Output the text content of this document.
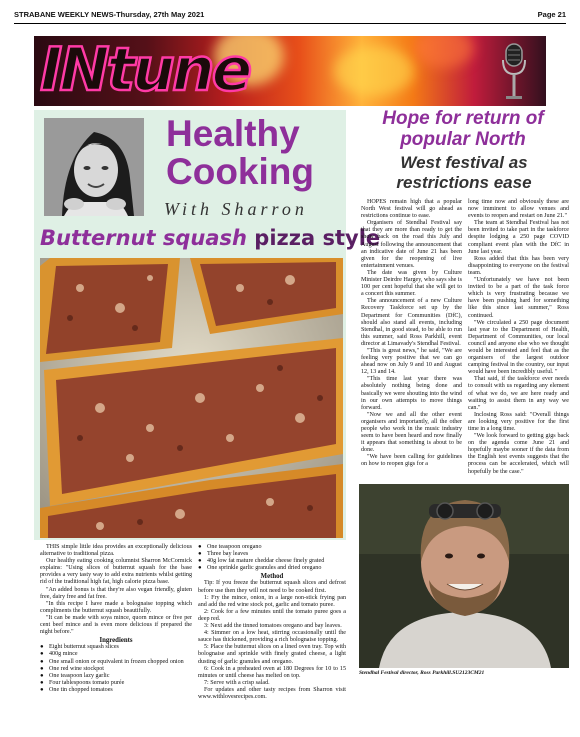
STRABANE WEEKLY NEWS-Thursday, 27th May 2021	Page 21
INtune
Healthy
Cooking
With Sharron
Butternut squash pizza style

THIS simple little idea provides an exceptionally delicious alternative to traditional pizza.

Our healthy eating cooking columnist Sharron McCormick explains: "Using slices of butternut squash for the base provides a very tasty way to add extra nutrients whilst getting rid of the traditional high fat, high calorie pizza base.

"An added bonus is that they're also vegan friendly, gluten free, dairy free and fat free.

"In this recipe I have made a bolognaise topping which compliments the butternut squash beautifully.

"It can be made with soya mince, quorn mince or five per cent beef mince and is even more delicious if prepared the night before."

Ingredients

● Eight butternut squash slices
● 400g mince
● One small onion or equivalent in frozen chopped onion
● One red wine stockpot
● One teaspoon lazy garlic
● Four tablespoons tomato purée
● One tin chopped tomatoes
● One teaspoon oregano
● Three bay leaves
● 40g low fat mature cheddar cheese finely grated
● One sprinkle garlic granules and dried oregano

Method

Tip: If you freeze the butternut squash slices and defrost before use then they will not need to be cooked first.

1: Fry the mince, onion, in a large non-stick frying pan and add the red wine stock pot, garlic and tomato puree.

2: Cook for a few minutes until the tomato puree goes a deep red.

3: Next add the tinned tomatoes oregano and bay leaves.

4: Simmer on a low heat, stirring occasionally until the sauce has thickened, providing a rich bolognaise topping.

5: Place the butternut slices on a lined oven tray. Top with bolognaise and sprinkle with finely grated cheese, a light dusting of garlic granules and oregano.

6: Cook in a preheated oven at 180 Degrees for 10 to 15 minutes or until cheese has melted on top.

7: Serve with a crisp salad.

For updates and other tasty recipes from Sharron visit www.withlovesrecipes.com.

Hope for return of popular North
West festival as restrictions ease

HOPES remain high that a popular North West festival will go ahead as restrictions continue to ease.

Organisers of Stendhal Festival say that they are more than ready to get the show back on the road this July and August following the announcement that an indicative date of June 21 has been given for the reopening of live entertainment venues.

The date was given by Culture Minister Deirdre Hargey, who says she is 100 per cent hopeful that she will get to a concert this summer.

The announcement of a new Culture Recovery Taskforce set up by the Department for Communities (DfC), should also stand all events, including Stendhal, in good stead, to be able to run this summer, said Ross Parkhill, event director at Limavady's Stendhal Festival.

"This is great news," he said, "We are feeling very positive that we can go ahead now on July 9 and 10 and August 12, 13 and 14.

"This time last year there was absolutely nothing being done and basically we were shouting into the wind in our own attempts to move things forward.

"Now we and all the other event organisers and importantly, all the other people who work in the music industry seem to have been heard and now finally it appears that something is about to be done.

"We have been calling for guidelines on how to reopen gigs for a

long time now and obviously these are now imminent to allow venues and events to reopen and restart on June 21."

The team at Stendhal Festival has not been invited to take part in the taskforce despite lodging a 250 page COVID compliant event plan with the DfC in June last year.

Ross added that this has been very disappointing to everyone on the festival team.

"Unfortunately we have not been invited to be a part of the task force which is very frustrating because we have been pushing hard for something like this since last summer," Ross continued.

"We circulated a 250 page document last year to the Department of Health, Department of Communities, our local council and anyone else who we thought would be interested and feel that as the organisers of the largest outdoor camping festival in the country, our input would have been incredibly useful. "

That said, if the taskforce ever needs to consult with us regarding any element of what we do, we are here ready and waiting to assist them in any way we can."

Inclosing Ross said: "Overall things are looking very positive for the first time in a long time.

"We look forward to getting gigs back on the agenda come June 21 and hopefully maybe sooner if the data from the English test events suggests that the process can be accelerated, which will hopefully be the case."

Stendhal Festival director, Ross Parkhill.SU2123CM21
